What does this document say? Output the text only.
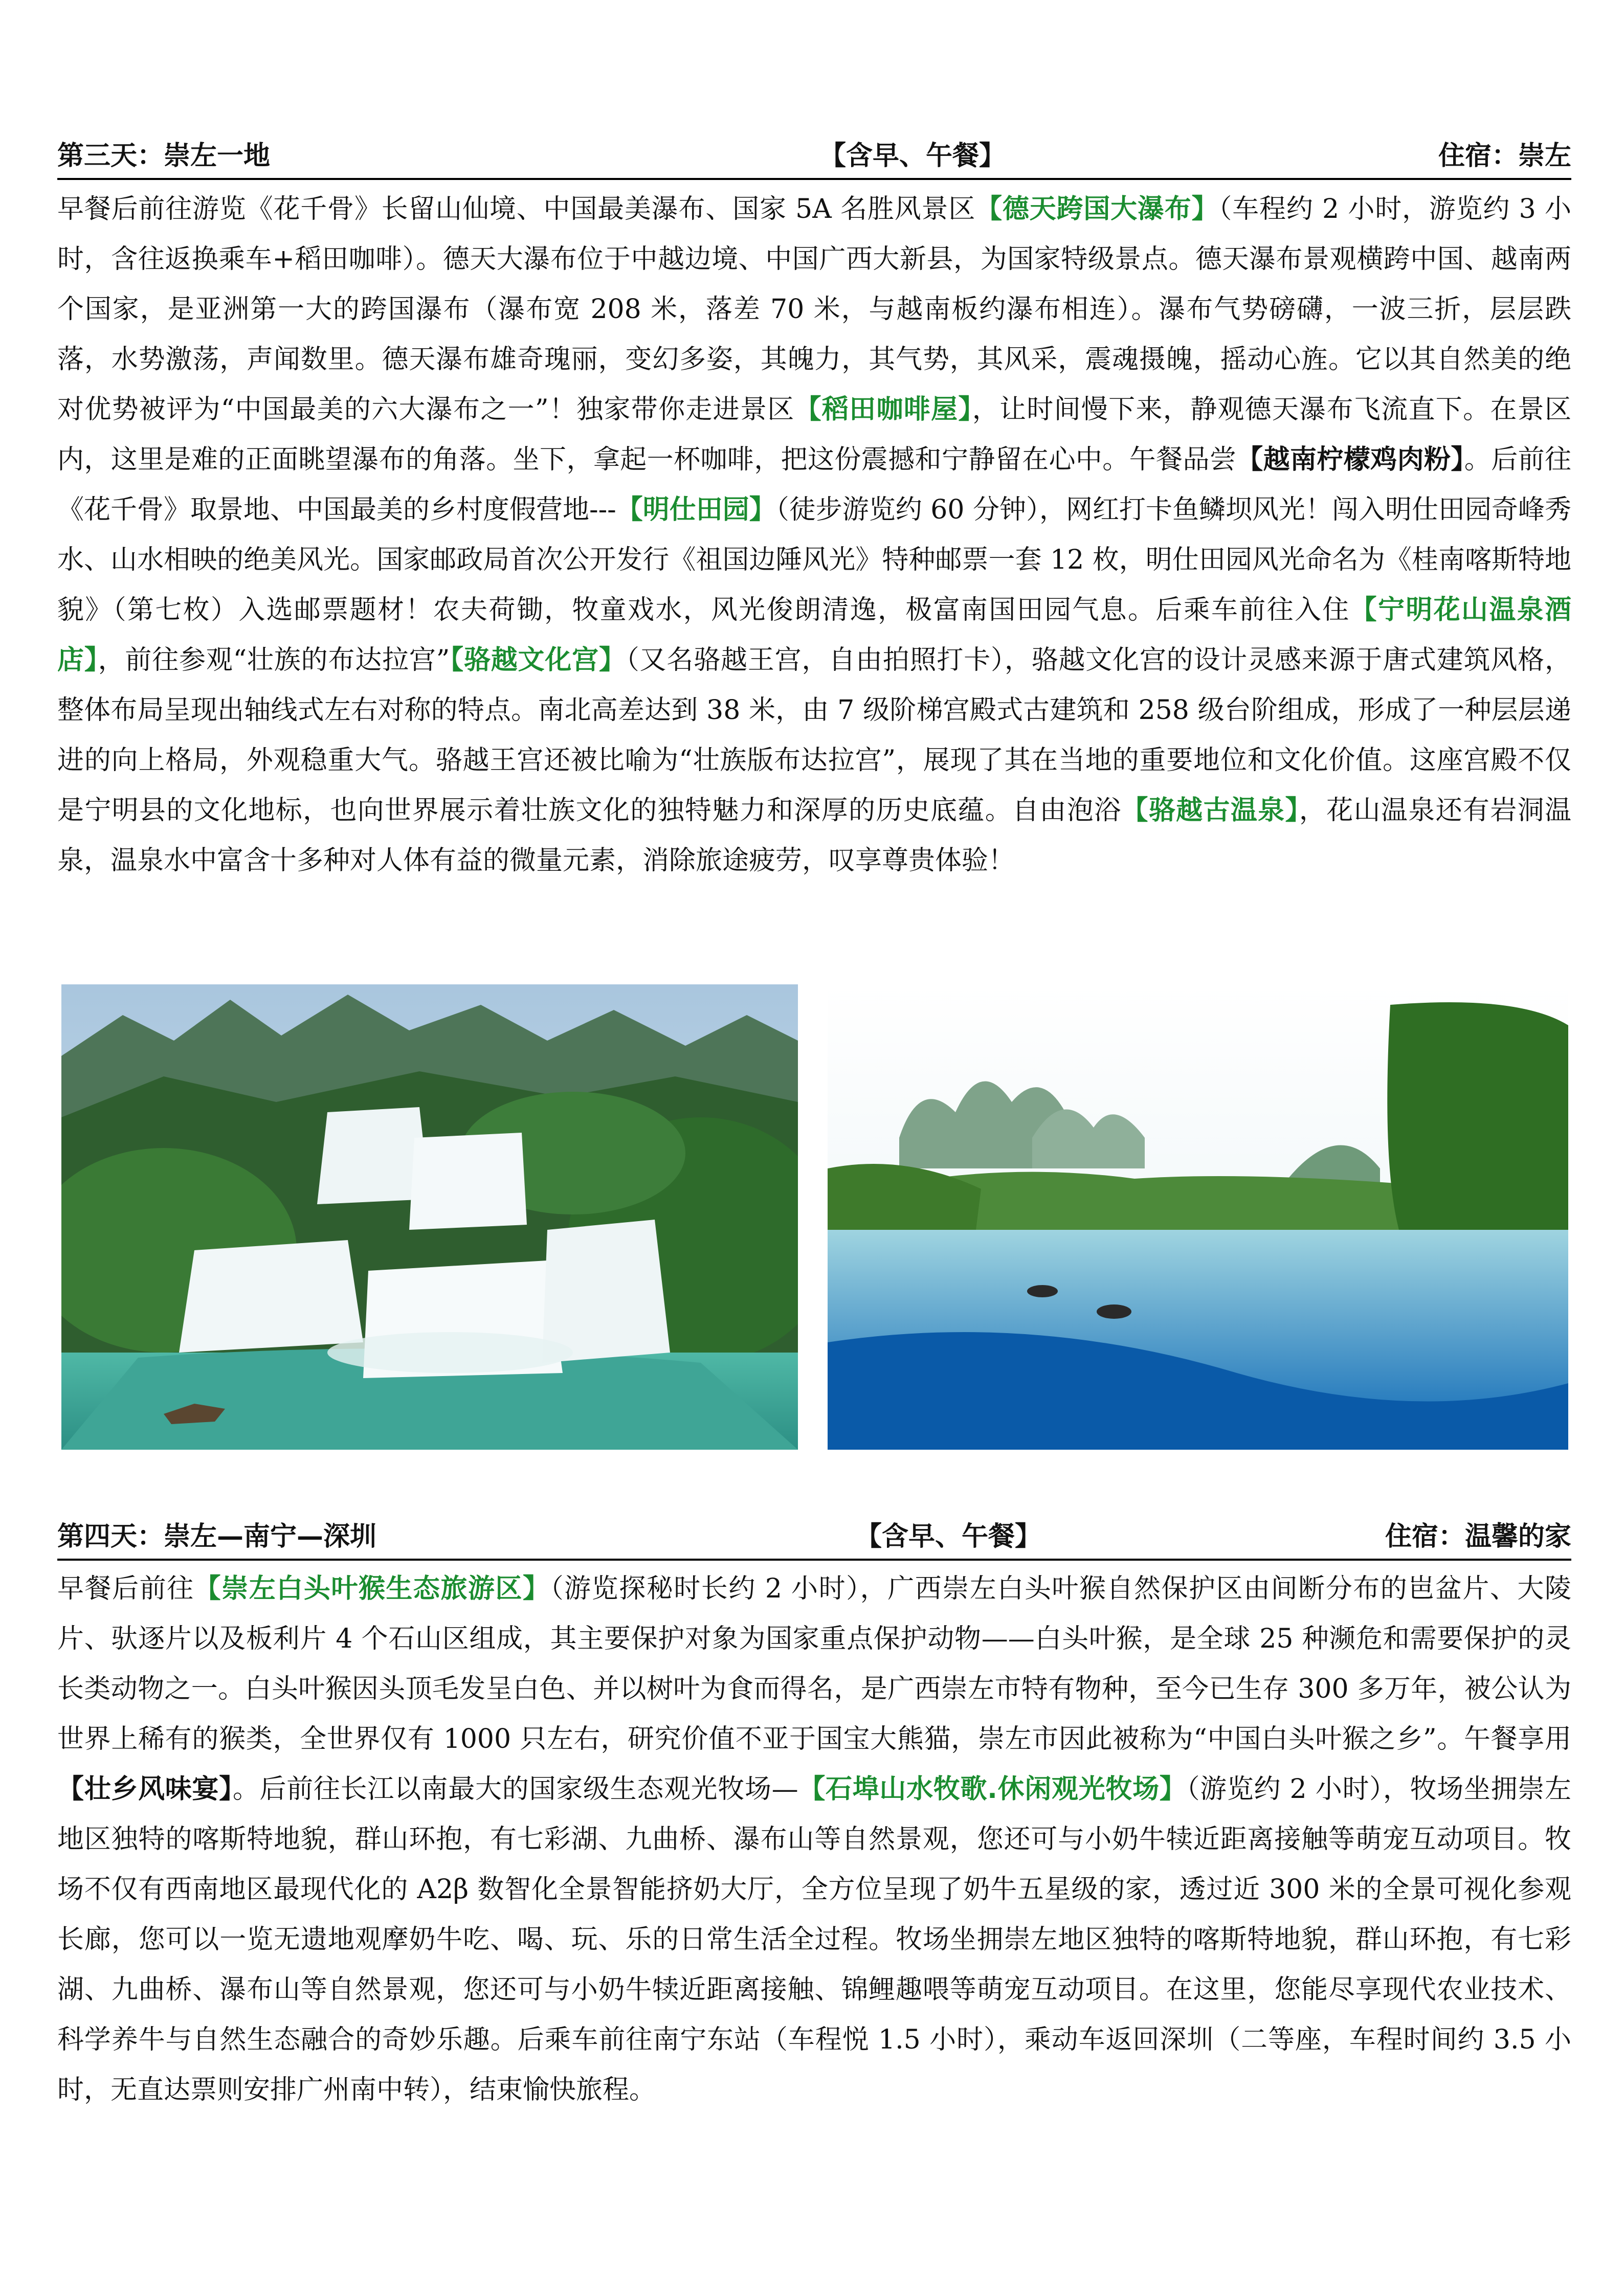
第三天：崇左一地	【含早、午餐】	住宿：崇左
早餐后前往游览《花千骨》长留山仙境、中国最美瀑布、国家 5A 名胜风景区【德天跨国大瀑布】（车程约 2 小时，游览约 3 小时，含往返换乘车+稻田咖啡）。德天大瀑布位于中越边境、中国广西大新县，为国家特级景点。德天瀑布景观横跨中国、越南两个国家，是亚洲第一大的跨国瀑布（瀑布宽 208 米，落差 70 米，与越南板约瀑布相连）。瀑布气势磅礴，一波三折，层层跌落，水势激荡，声闻数里。德天瀑布雄奇瑰丽，变幻多姿，其魄力，其气势，其风采，震魂摄魄，摇动心旌。它以其自然美的绝对优势被评为“中国最美的六大瀑布之一”！独家带你走进景区【稻田咖啡屋】，让时间慢下来，静观德天瀑布飞流直下。在景区内，这里是难的正面眺望瀑布的角落。坐下，拿起一杯咖啡，把这份震撼和宁静留在心中。午餐品尝【越南柠檬鸡肉粉】。后前往《花千骨》取景地、中国最美的乡村度假营地---【明仕田园】（徒步游览约 60 分钟），网红打卡鱼鳞坝风光！闯入明仕田园奇峰秀水、山水相映的绝美风光。国家邮政局首次公开发行《祖国边陲风光》特种邮票一套 12 枚，明仕田园风光命名为《桂南喀斯特地貌》（第七枚）入选邮票题材！农夫荷锄，牧童戏水，风光俊朗清逸，极富南国田园气息。后乘车前往入住【宁明花山温泉酒店】，前往参观“壮族的布达拉宫”【骆越文化宫】（又名骆越王宫，自由拍照打卡），骆越文化宫的设计灵感来源于唐式建筑风格，整体布局呈现出轴线式左右对称的特点。南北高差达到 38 米，由 7 级阶梯宫殿式古建筑和 258 级台阶组成，形成了一种层层递进的向上格局，外观稳重大气。骆越王宫还被比喻为“壮族版布达拉宫”，展现了其在当地的重要地位和文化价值。这座宫殿不仅是宁明县的文化地标，也向世界展示着壮族文化的独特魅力和深厚的历史底蕴。自由泡浴【骆越古温泉】，花山温泉还有岩洞温泉，温泉水中富含十多种对人体有益的微量元素，消除旅途疲劳，叹享尊贵体验！
第四天：崇左—南宁—深圳	【含早、午餐】	住宿：温馨的家
早餐后前往【崇左白头叶猴生态旅游区】（游览探秘时长约 2 小时），广西崇左白头叶猴自然保护区由间断分布的岜盆片、大陵片、驮逐片以及板利片 4 个石山区组成，其主要保护对象为国家重点保护动物——白头叶猴，是全球 25 种濒危和需要保护的灵长类动物之一。白头叶猴因头顶毛发呈白色、并以树叶为食而得名，是广西崇左市特有物种，至今已生存 300 多万年，被公认为世界上稀有的猴类，全世界仅有 1000 只左右，研究价值不亚于国宝大熊猫，崇左市因此被称为“中国白头叶猴之乡”。午餐享用【壮乡风味宴】。后前往长江以南最大的国家级生态观光牧场—【石埠山水牧歌.休闲观光牧场】（游览约 2 小时），牧场坐拥崇左地区独特的喀斯特地貌，群山环抱，有七彩湖、九曲桥、瀑布山等自然景观，您还可与小奶牛犊近距离接触等萌宠互动项目。牧场不仅有西南地区最现代化的 A2β 数智化全景智能挤奶大厅，全方位呈现了奶牛五星级的家，透过近 300 米的全景可视化参观长廊，您可以一览无遗地观摩奶牛吃、喝、玩、乐的日常生活全过程。牧场坐拥崇左地区独特的喀斯特地貌，群山环抱，有七彩湖、九曲桥、瀑布山等自然景观，您还可与小奶牛犊近距离接触、锦鲤趣喂等萌宠互动项目。在这里，您能尽享现代农业技术、科学养牛与自然生态融合的奇妙乐趣。后乘车前往南宁东站（车程悦 1.5 小时），乘动车返回深圳（二等座，车程时间约 3.5 小时，无直达票则安排广州南中转），结束愉快旅程。
